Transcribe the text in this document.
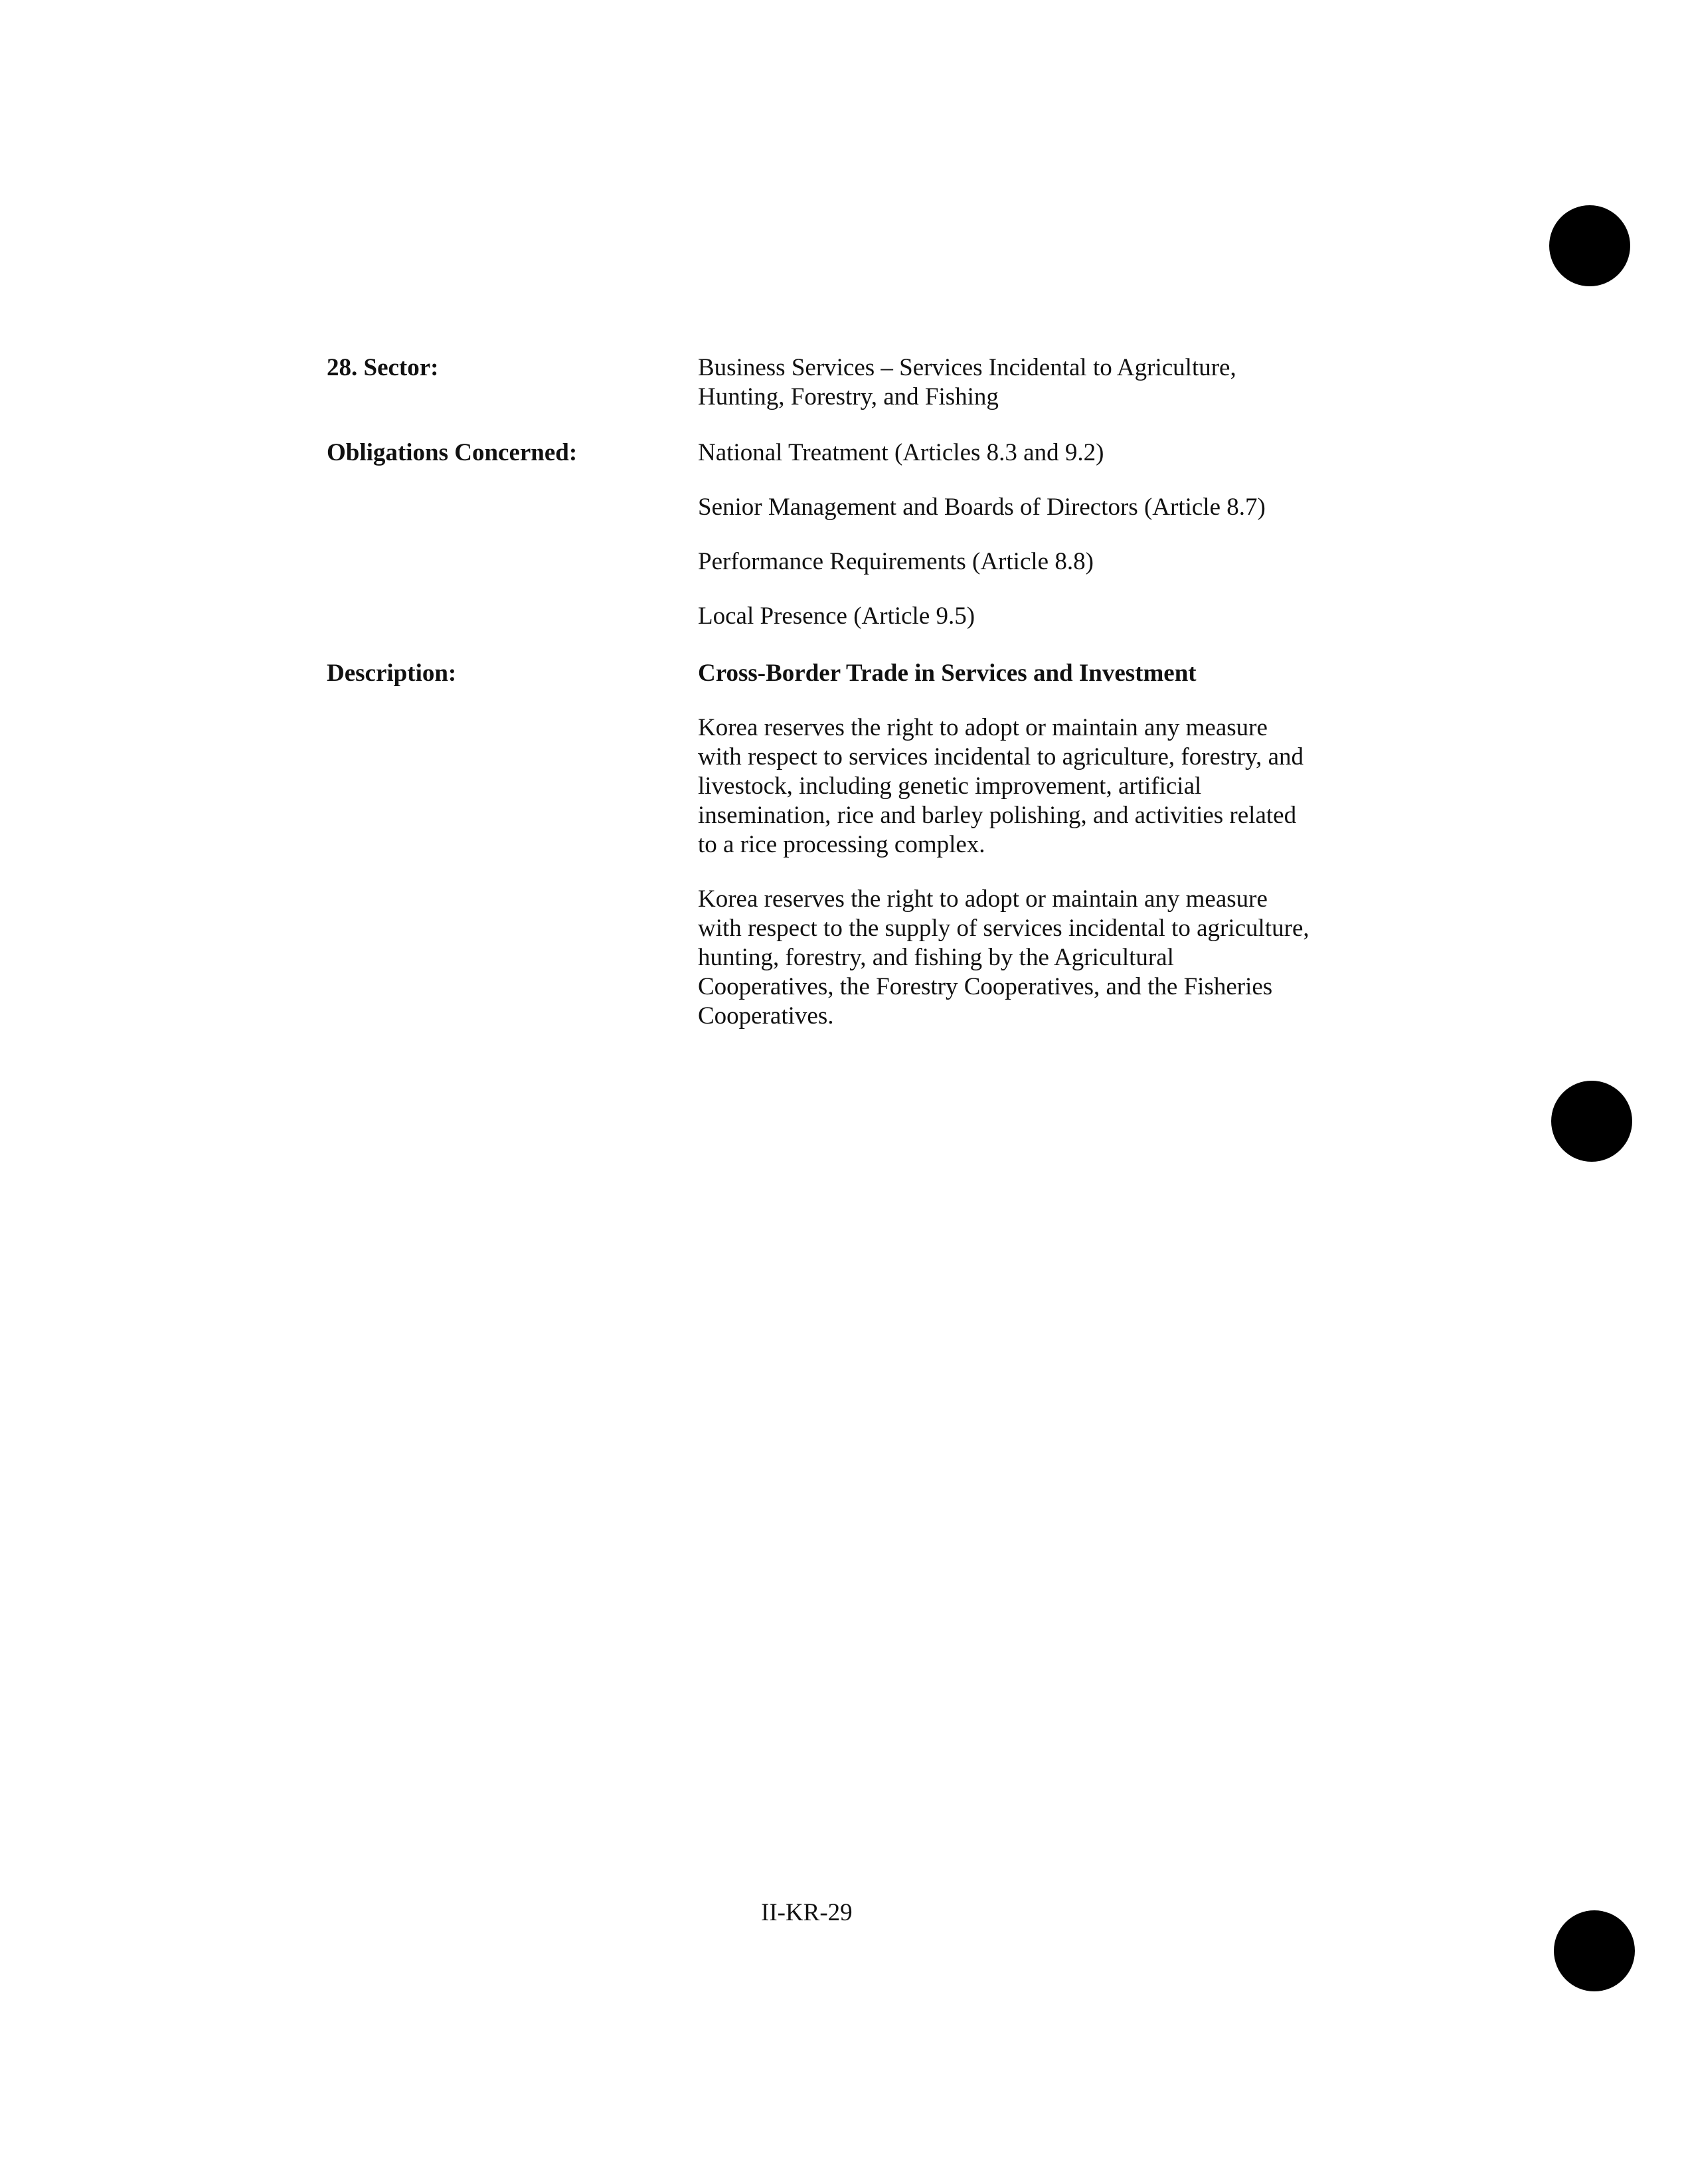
28. Sector:	Business Services – Services Incidental to Agriculture,

Hunting, Forestry, and Fishing

Obligations Concerned:	National Treatment (Articles 8.3 and 9.2)

Senior Management and Boards of Directors (Article 8.7)

Performance Requirements (Article 8.8)

Local Presence (Article 9.5)

Description:	Cross-Border Trade in Services and Investment

Korea reserves the right to adopt or maintain any measure

with respect to services incidental to agriculture, forestry, and

livestock, including genetic improvement, artificial

insemination, rice and barley polishing, and activities related

to a rice processing complex.

Korea reserves the right to adopt or maintain any measure

with respect to the supply of services incidental to agriculture,

hunting, forestry, and fishing by the Agricultural

Cooperatives, the Forestry Cooperatives, and the Fisheries

Cooperatives.

II-KR-29
